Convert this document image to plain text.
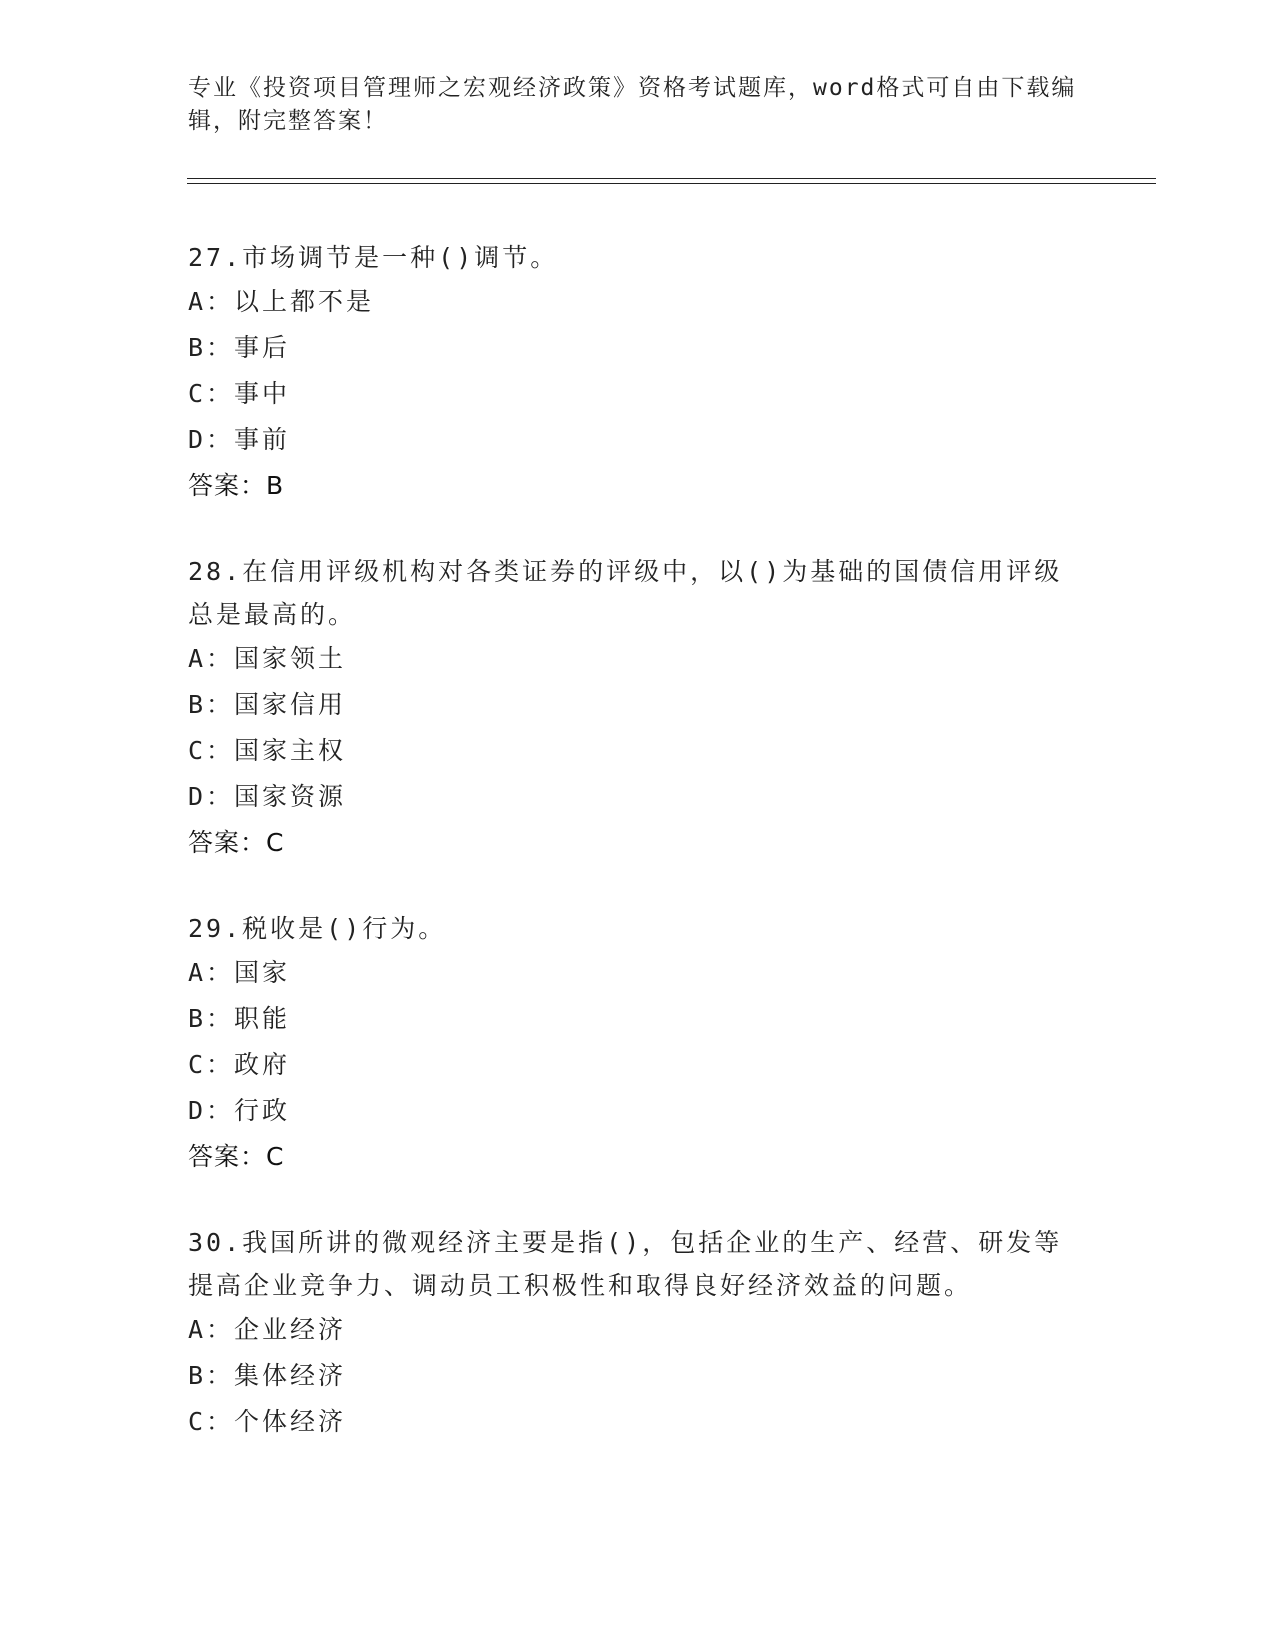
专业《投资项目管理师之宏观经济政策》资格考试题库，word格式可自由下载编
辑，附完整答案！
27.市场调节是一种()调节。
A：以上都不是
B：事后
C：事中
D：事前
答案：B
28.在信用评级机构对各类证券的评级中，以()为基础的国债信用评级
总是最高的。
A：国家领土
B：国家信用
C：国家主权
D：国家资源
答案：C
29.税收是()行为。
A：国家
B：职能
C：政府
D：行政
答案：C
30.我国所讲的微观经济主要是指()，包括企业的生产、经营、研发等
提高企业竞争力、调动员工积极性和取得良好经济效益的问题。
A：企业经济
B：集体经济
C：个体经济
